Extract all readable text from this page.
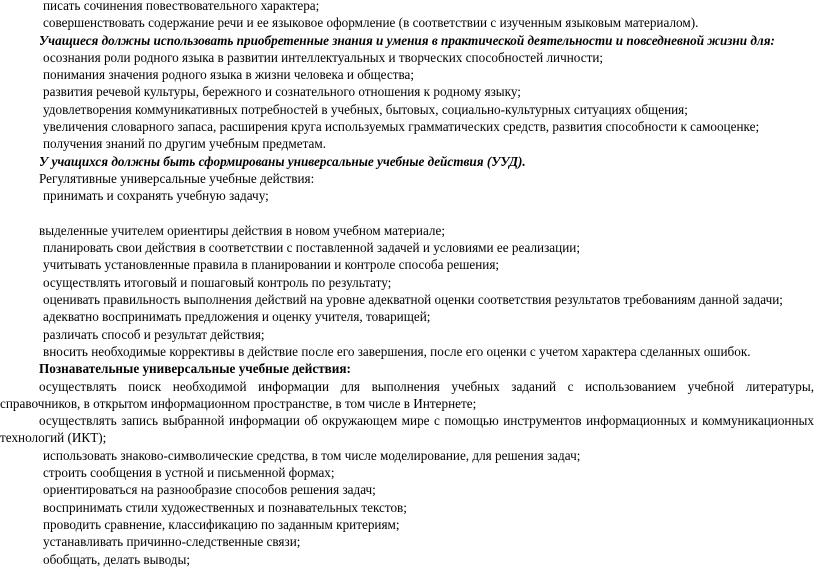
писать сочинения повествовательного характера;
совершенствовать содержание речи и ее языковое оформление (в соответствии с изученным языковым материалом).
Учащиеся должны использовать приобретенные знания и умения в практической деятельности и повседневной жизни для:
осознания роли родного языка в развитии интеллектуальных и творческих способностей личности;
понимания значения родного языка в жизни человека и общества;
развития речевой культуры, бережного и сознательного отношения к родному языку;
удовлетворения коммуникативных потребностей в учебных, бытовых, социально-культурных ситуациях общения;
увеличения словарного запаса, расширения круга используемых грамматических средств, развития способности к самооценке;
получения знаний по другим учебным предметам.
У учащихся должны быть сформированы универсальные учебные действия (УУД).
Регулятивные универсальные учебные действия:
принимать и сохранять учебную задачу;
выделенные учителем ориентиры действия в новом учебном материале;
планировать свои действия в соответствии с поставленной задачей и условиями ее реализации;
учитывать установленные правила в планировании и контроле способа решения;
осуществлять итоговый и пошаговый контроль по результату;
оценивать правильность выполнения действий на уровне адекватной оценки соответствия результатов требованиям данной задачи;
адекватно воспринимать предложения и оценку учителя, товарищей;
различать способ и результат действия;
вносить необходимые коррективы в действие после его завершения, после его оценки с учетом характера сделанных ошибок.
Познавательные универсальные учебные действия:
осуществлять поиск необходимой информации для выполнения учебных заданий с использованием учебной литературы,
справочников, в открытом информационном пространстве, в том числе в Интернете;
осуществлять запись выбранной информации об окружающем мире с помощью инструментов информационных и коммуникационных
технологий (ИКТ);
использовать знаково-символические средства, в том числе моделирование, для решения задач;
строить сообщения в устной и письменной формах;
ориентироваться на разнообразие способов решения задач;
воспринимать стили художественных и познавательных текстов;
проводить сравнение, классификацию по заданным критериям;
устанавливать причинно-следственные связи;
обобщать, делать выводы;
